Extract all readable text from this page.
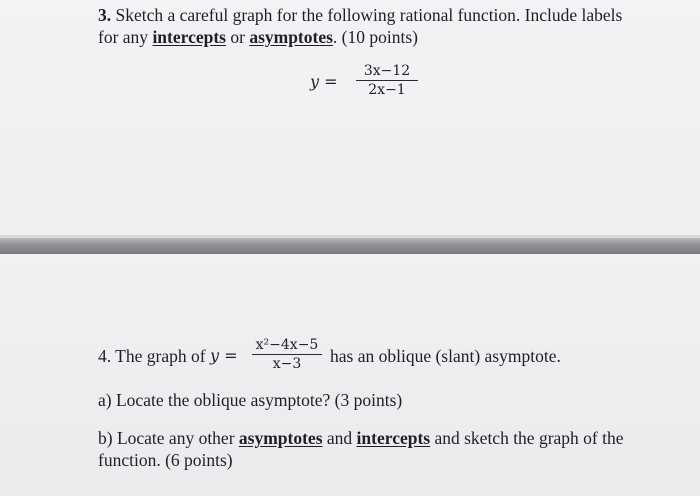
3. Sketch a careful graph for the following rational function. Include labels
for any intercepts or asymptotes. (10 points)
y =
3x−12
2x−1
4. The graph of y =
x²−4x−5
x−3	has an oblique (slant) asymptote.
a) Locate the oblique asymptote? (3 points)
b) Locate any other asymptotes and intercepts and sketch the graph of the
function. (6 points)
